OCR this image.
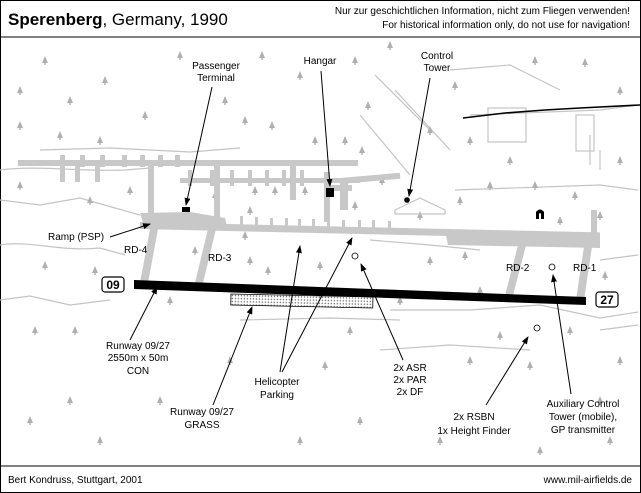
09
27
Sperenberg, Germany, 1990	Nur zur geschichtlichen Information, nicht zum Fliegen verwenden!
For historical information only, do not use for navigation!
Passenger
Terminal
Hangar	Control
Tower
Ramp (PSP)
RD-4
RD-3
RD-2	RD-1
Runway 09/27
2550m x 50m
CON
Runway 09/27
GRASS
Helicopter
Parking
2x ASR
2x PAR
2x DF
2x RSBN
1x Height Finder
Auxiliary Control
Tower (mobile),
GP transmitter
Bert Kondruss, Stuttgart, 2001	www.mil-airfields.de
